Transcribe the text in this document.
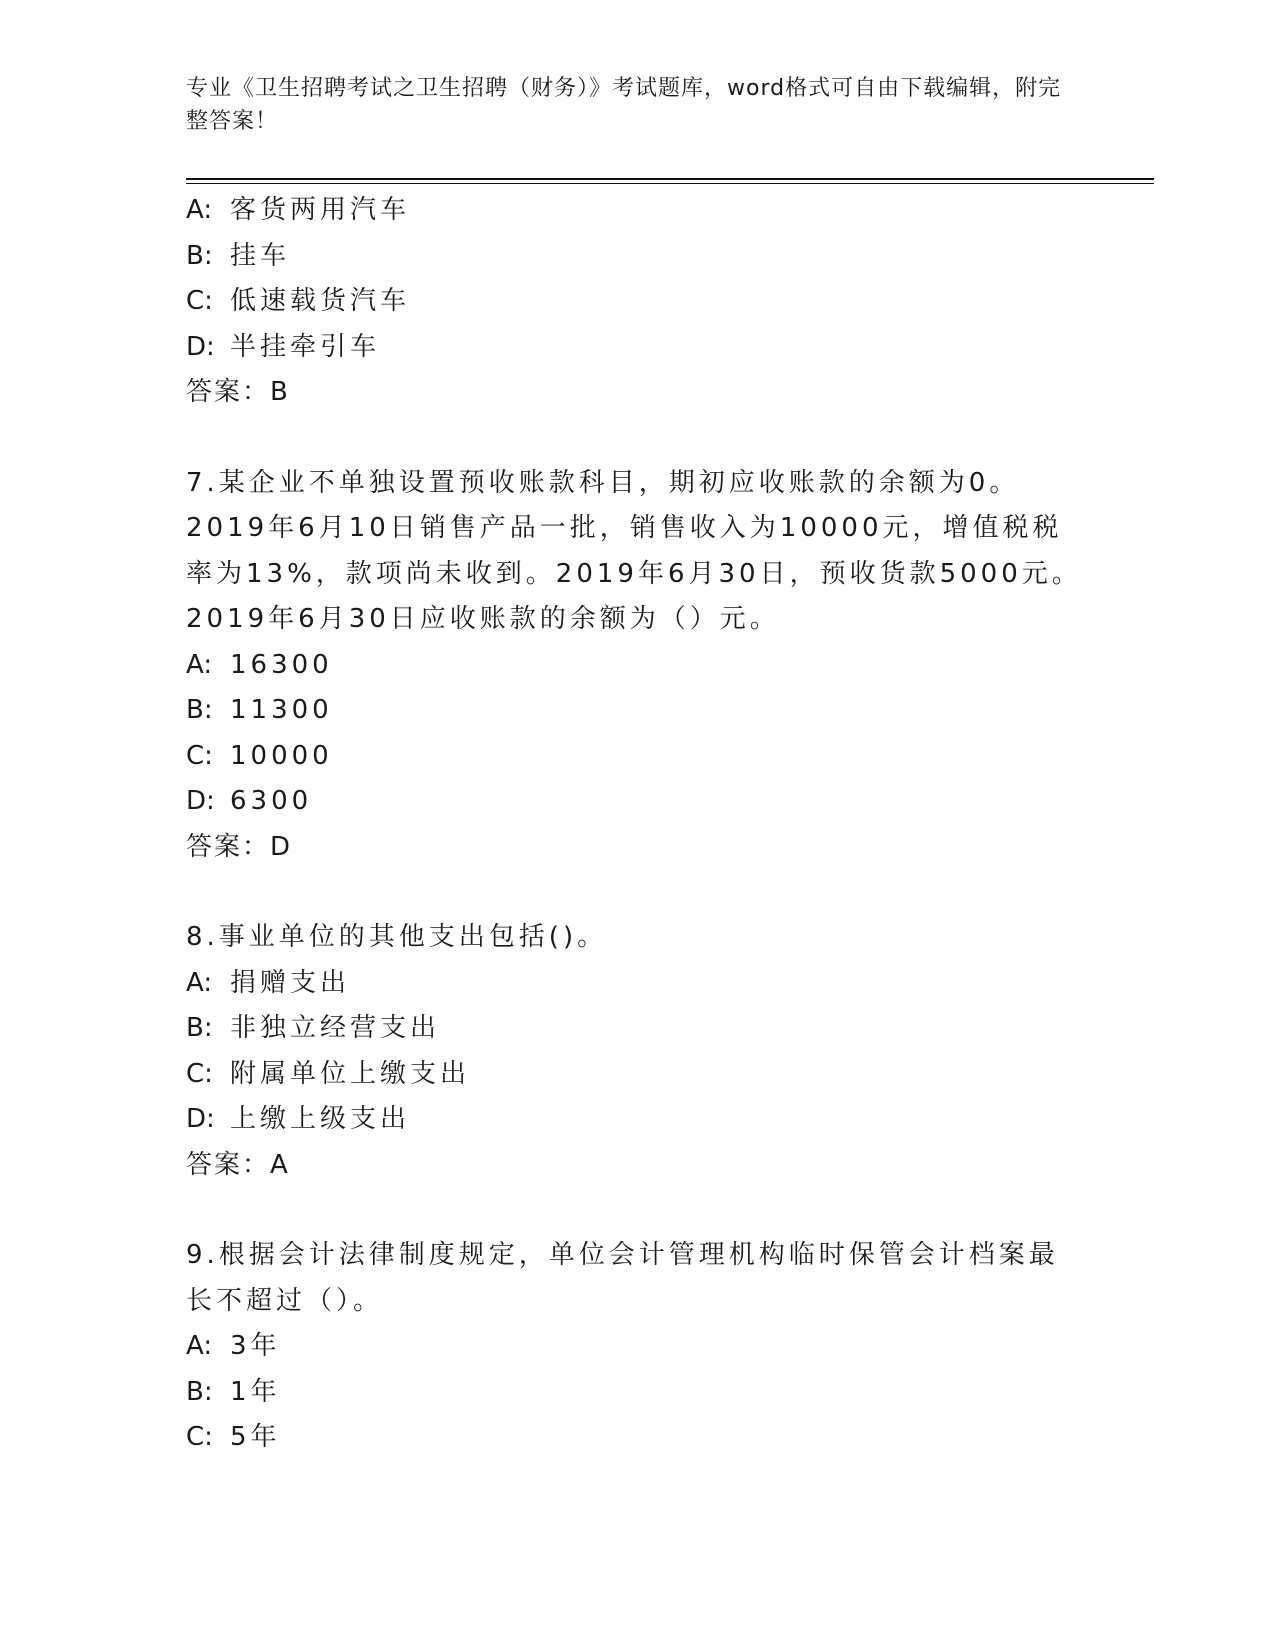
专业《卫生招聘考试之卫生招聘（财务）》考试题库，word格式可自由下载编辑，附完整答案！
A: 客货两用汽车
B: 挂车
C: 低速载货汽车
D: 半挂牵引车
答案：B
7.某企业不单独设置预收账款科目，期初应收账款的余额为0。2019年6月10日销售产品一批，销售收入为10000元，增值税税率为13%，款项尚未收到。2019年6月30日，预收货款5000元。2019年6月30日应收账款的余额为（）元。
A: 16300
B: 11300
C: 10000
D: 6300
答案：D
8.事业单位的其他支出包括()。
A: 捐赠支出
B: 非独立经营支出
C: 附属单位上缴支出
D: 上缴上级支出
答案：A
9.根据会计法律制度规定，单位会计管理机构临时保管会计档案最长不超过（）。
A: 3年
B: 1年
C: 5年
